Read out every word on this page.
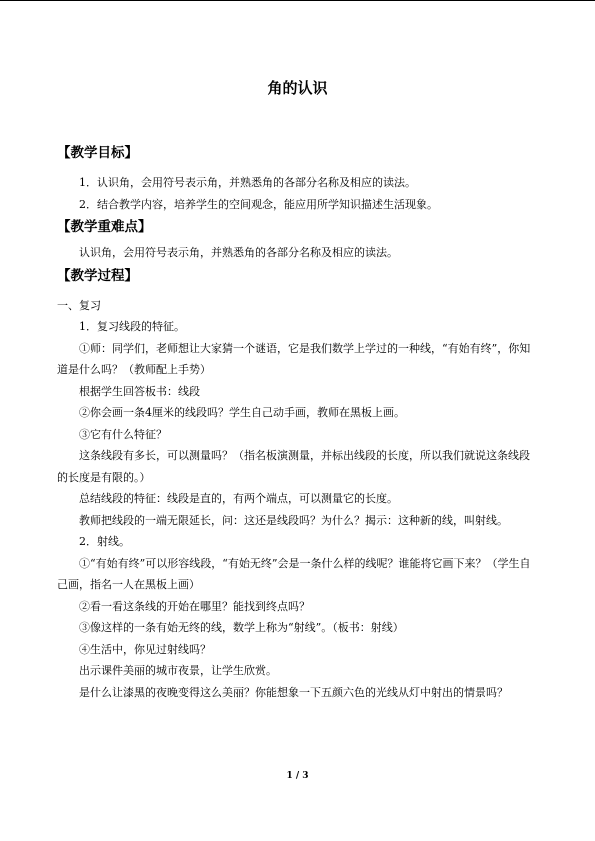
角的认识

【教学目标】

1．认识角，会用符号表示角，并熟悉角的各部分名称及相应的读法。

2．结合教学内容，培养学生的空间观念，能应用所学知识描述生活现象。

【教学重难点】

认识角，会用符号表示角，并熟悉角的各部分名称及相应的读法。

【教学过程】

一、复习

1．复习线段的特征。

①师：同学们，老师想让大家猜一个谜语，它是我们数学上学过的一种线，“有始有终”，你知道是什么吗？（教师配上手势）

根据学生回答板书：线段

②你会画一条4厘米的线段吗？学生自己动手画，教师在黑板上画。

③它有什么特征？

这条线段有多长，可以测量吗？（指名板演测量，并标出线段的长度，所以我们就说这条线段的长度是有限的。）

总结线段的特征：线段是直的，有两个端点，可以测量它的长度。

教师把线段的一端无限延长，问：这还是线段吗？为什么？揭示：这种新的线，叫射线。

2．射线。

①“有始有终”可以形容线段，“有始无终”会是一条什么样的线呢？谁能将它画下来？（学生自己画，指名一人在黑板上画）

②看一看这条线的开始在哪里？能找到终点吗？

③像这样的一条有始无终的线，数学上称为“射线”。（板书：射线）

④生活中，你见过射线吗？

出示课件美丽的城市夜景，让学生欣赏。

是什么让漆黑的夜晚变得这么美丽？你能想象一下五颜六色的光线从灯中射出的情景吗？

1 / 3
